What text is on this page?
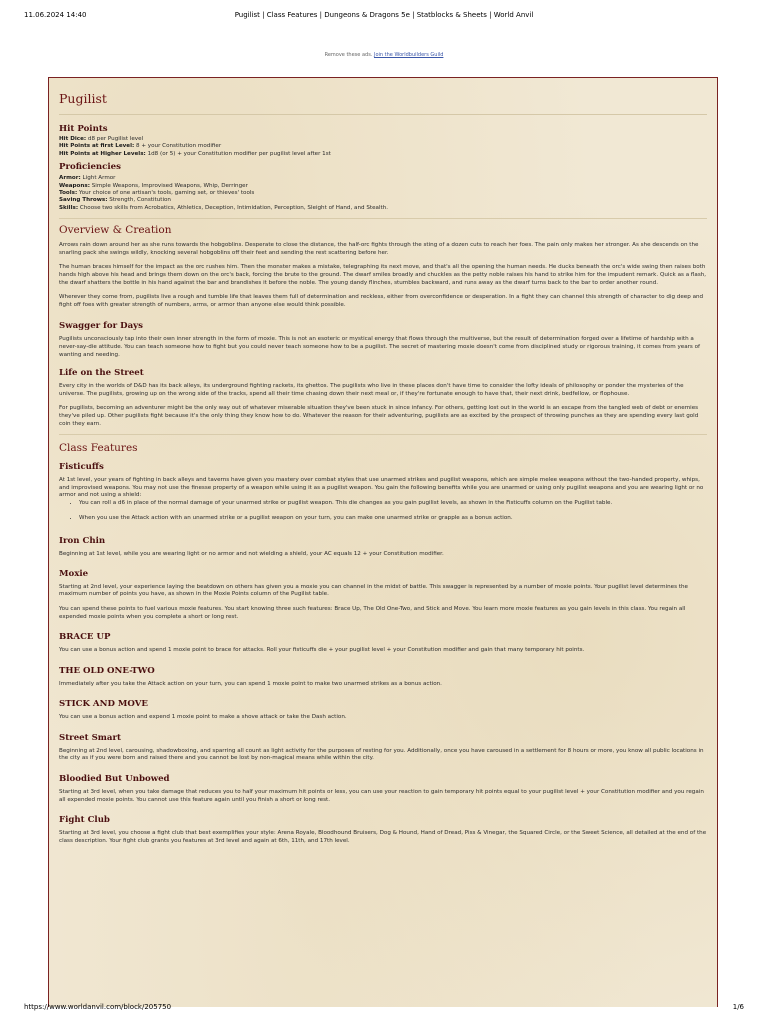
11.06.2024 14:40	Pugilist | Class Features | Dungeons & Dragons 5e | Statblocks & Sheets | World Anvil
Remove these ads. Join the Worldbuilders Guild
Pugilist
Hit Points
Hit Dice: d8 per Pugilist level
Hit Points at first Level: 8 + your Constitution modifier
Hit Points at Higher Levels: 1d8 (or 5) + your Constitution modifier per pugilist level after 1st
Proficiencies
Armor: Light Armor
Weapons: Simple Weapons, Improvised Weapons, Whip, Derringer
Tools: Your choice of one artisan's tools, gaming set, or thieves' tools
Saving Throws: Strength, Constitution
Skills: Choose two skills from Acrobatics, Athletics, Deception, Intimidation, Perception, Sleight of Hand, and Stealth.
Overview & Creation

Arrows rain down around her as she runs towards the hobgoblins. Desperate to close the distance, the half-orc fights through the sting of a dozen cuts to reach her foes. The pain only makes her stronger. As she descends on the snarling pack she swings wildly, knocking several hobgoblins off their feet and sending the rest scattering before her.

The human braces himself for the impact as the orc rushes him. Then the monster makes a mistake, telegraphing its next move, and that's all the opening the human needs. He ducks beneath the orc's wide swing then raises both hands high above his head and brings them down on the orc's back, forcing the brute to the ground. The dwarf smiles broadly and chuckles as the petty noble raises his hand to strike him for the impudent remark. Quick as a flash, the dwarf shatters the bottle in his hand against the bar and brandishes it before the noble. The young dandy flinches, stumbles backward, and runs away as the dwarf turns back to the bar to order another round.

Wherever they come from, pugilists live a rough and tumble life that leaves them full of determination and reckless, either from overconfidence or desperation. In a fight they can channel this strength of character to dig deep and fight off foes with greater strength of numbers, arms, or armor than anyone else would think possible.

Swagger for Days

Pugilists unconsciously tap into their own inner strength in the form of moxie. This is not an esoteric or mystical energy that flows through the multiverse, but the result of determination forged over a lifetime of hardship with a never-say-die attitude. You can teach someone how to fight but you could never teach someone how to be a pugilist. The secret of mastering moxie doesn't come from disciplined study or rigorous training, it comes from years of wanting and needing.

Life on the Street

Every city in the worlds of D&D has its back alleys, its underground fighting rackets, its ghettos. The pugilists who live in these places don't have time to consider the lofty ideals of philosophy or ponder the mysteries of the universe. The pugilists, growing up on the wrong side of the tracks, spend all their time chasing down their next meal or, if they're fortunate enough to have that, their next drink, bedfellow, or flophouse.

For pugilists, becoming an adventurer might be the only way out of whatever miserable situation they've been stuck in since infancy. For others, getting lost out in the world is an escape from the tangled web of debt or enemies they've piled up. Other pugilists fight because it's the only thing they know how to do. Whatever the reason for their adventuring, pugilists are as excited by the prospect of throwing punches as they are spending every last gold coin they earn.

Class Features
Fisticuffs

At 1st level, your years of fighting in back alleys and taverns have given you mastery over combat styles that use unarmed strikes and pugilist weapons, which are simple melee weapons without the two-handed property, whips, and improvised weapons. You may not use the finesse property of a weapon while using it as a pugilist weapon. You gain the following benefits while you are unarmed or using only pugilist weapons and you are wearing light or no armor and not using a shield:

• You can roll a d6 in place of the normal damage of your unarmed strike or pugilist weapon. This die changes as you gain pugilist levels, as shown in the Fisticuffs column on the Pugilist table.
• When you use the Attack action with an unarmed strike or a pugilist weapon on your turn, you can make one unarmed strike or grapple as a bonus action.
Iron Chin

Beginning at 1st level, while you are wearing light or no armor and not wielding a shield, your AC equals 12 + your Constitution modifier.

Moxie

Starting at 2nd level, your experience laying the beatdown on others has given you a moxie you can channel in the midst of battle. This swagger is represented by a number of moxie points. Your pugilist level determines the maximum number of points you have, as shown in the Moxie Points column of the Pugilist table.

You can spend these points to fuel various moxie features. You start knowing three such features: Brace Up, The Old One-Two, and Stick and Move. You learn more moxie features as you gain levels in this class. You regain all expended moxie points when you complete a short or long rest.

BRACE UP

You can use a bonus action and spend 1 moxie point to brace for attacks. Roll your fisticuffs die + your pugilist level + your Constitution modifier and gain that many temporary hit points.

THE OLD ONE-TWO

Immediately after you take the Attack action on your turn, you can spend 1 moxie point to make two unarmed strikes as a bonus action.

STICK AND MOVE

You can use a bonus action and expend 1 moxie point to make a shove attack or take the Dash action.

Street Smart

Beginning at 2nd level, carousing, shadowboxing, and sparring all count as light activity for the purposes of resting for you. Additionally, once you have caroused in a settlement for 8 hours or more, you know all public locations in the city as if you were born and raised there and you cannot be lost by non-magical means while within the city.

Bloodied But Unbowed

Starting at 3rd level, when you take damage that reduces you to half your maximum hit points or less, you can use your reaction to gain temporary hit points equal to your pugilist level + your Constitution modifier and you regain all expended moxie points. You cannot use this feature again until you finish a short or long rest.

Fight Club

Starting at 3rd level, you choose a fight club that best exemplifies your style: Arena Royale, Bloodhound Bruisers, Dog & Hound, Hand of Dread, Piss & Vinegar, the Squared Circle, or the Sweet Science, all detailed at the end of the class description. Your fight club grants you features at 3rd level and again at 6th, 11th, and 17th level.

https://www.worldanvil.com/block/205750	1/6
